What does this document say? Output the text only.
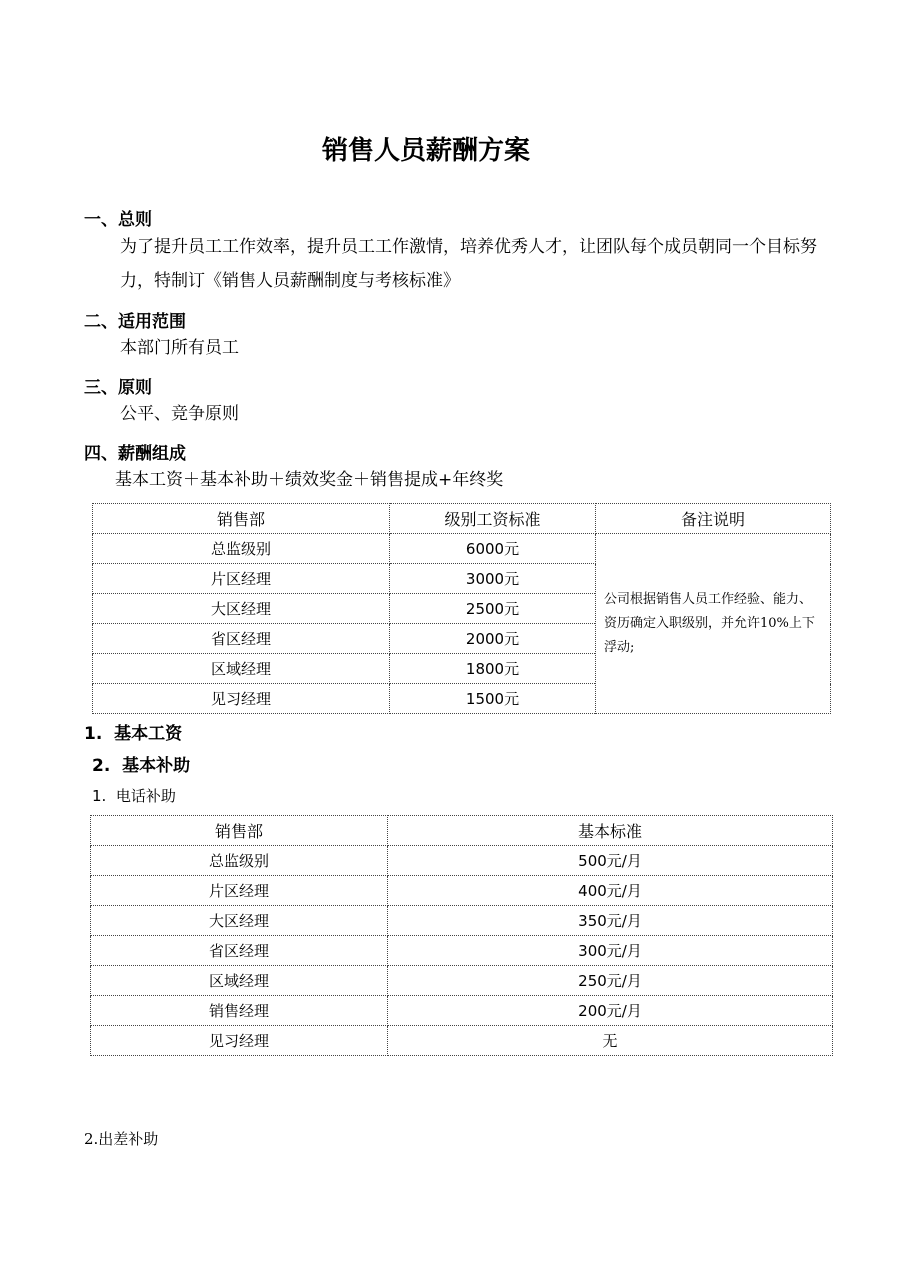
销售人员薪酬方案
一、总则
为了提升员工工作效率，提升员工工作激情，培养优秀人才，让团队每个成员朝同一个目标努力，特制订《销售人员薪酬制度与考核标准》
二、适用范围
本部门所有员工
三、原则
公平、竞争原则
四、薪酬组成
基本工资＋基本补助＋绩效奖金＋销售提成+年终奖
销售部	级别工资标准	备注说明
总监级别	6000元	公司根据销售人员工作经验、能力、资历确定入职级别，并允许10%上下浮动;
片区经理	3000元	
大区经理	2500元	
省区经理	2000元	
区域经理	1800元	
见习经理	1500元	
1.  基本工资
2.  基本补助
1.  电话补助
销售部	基本标准
总监级别	500元/月
片区经理	400元/月
大区经理	350元/月
省区经理	300元/月
区域经理	250元/月
销售经理	200元/月
见习经理	无
2.出差补助
